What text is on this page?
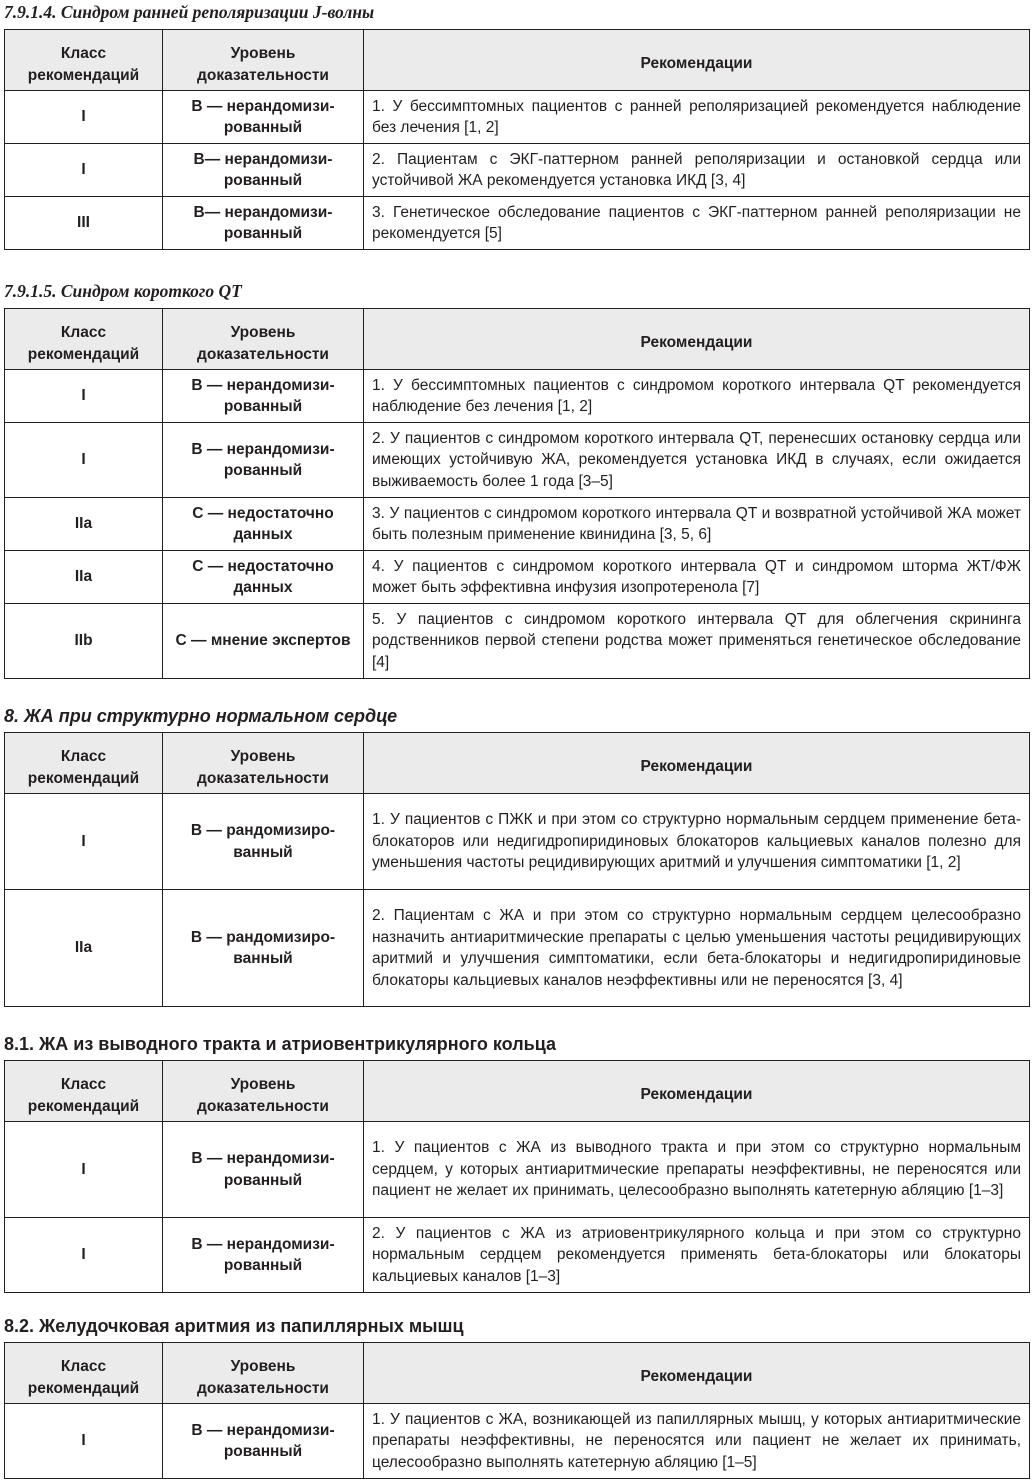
7.9.1.4. Синдром ранней реполяризации J-волны
Класс рекомендаций	Уровень доказательности	Рекомендации
I	B — нерандомизи-рованный	1. У бессимптомных пациентов с ранней реполяризацией рекомендуется наблюдение без лечения [1, 2]
I	B— нерандомизи-рованный	2. Пациентам с ЭКГ-паттерном ранней реполяризации и остановкой сердца или устойчивой ЖА рекомендуется установка ИКД [3, 4]
III	B— нерандомизи-рованный	3. Генетическое обследование пациентов с ЭКГ-паттерном ранней реполяризации не рекомендуется [5]
7.9.1.5. Синдром короткого QT
Класс рекомендаций	Уровень доказательности	Рекомендации
I	B — нерандомизи-рованный	1. У бессимптомных пациентов с синдромом короткого интервала QT рекомендуется наблюдение без лечения [1, 2]
I	B — нерандомизи-рованный	2. У пациентов с синдромом короткого интервала QT, перенесших остановку сердца или имеющих устойчивую ЖА, рекомендуется установка ИКД в случаях, если ожидается выживаемость более 1 года [3–5]
IIa	C — недостаточно данных	3. У пациентов с синдромом короткого интервала QT и возвратной устойчивой ЖА может быть полезным применение квинидина [3, 5, 6]
IIa	C — недостаточно данных	4. У пациентов с синдромом короткого интервала QT и синдромом шторма ЖТ/ФЖ может быть эффективна инфузия изопротеренола [7]
IIb	C — мнение экспертов	5. У пациентов с синдромом короткого интервала QT для облегчения скрининга родственников первой степени родства может применяться генетическое обследование [4]
8. ЖА при структурно нормальном сердце
Класс рекомендаций	Уровень доказательности	Рекомендации
I	B — рандомизиро-ванный	1. У пациентов с ПЖК и при этом со структурно нормальным сердцем применение бета-блокаторов или недигидропиридиновых блокаторов кальциевых каналов полезно для уменьшения частоты рецидивирующих аритмий и улучшения симптоматики [1, 2]
IIa	B — рандомизиро-ванный	2. Пациентам с ЖА и при этом со структурно нормальным сердцем целесообразно назначить антиаритмические препараты с целью уменьшения частоты рецидивирующих аритмий и улучшения симптоматики, если бета-блокаторы и недигидропиридиновые блокаторы кальциевых каналов неэффективны или не переносятся [3, 4]
8.1. ЖА из выводного тракта и атриовентрикулярного кольца
Класс рекомендаций	Уровень доказательности	Рекомендации
I	B — нерандомизи-рованный	1. У пациентов с ЖА из выводного тракта и при этом со структурно нормальным сердцем, у которых антиаритмические препараты неэффективны, не переносятся или пациент не желает их принимать, целесообразно выполнять катетерную абляцию [1–3]
I	B — нерандомизи-рованный	2. У пациентов с ЖА из атриовентрикулярного кольца и при этом со структурно нормальным сердцем рекомендуется применять бета-блокаторы или блокаторы кальциевых каналов [1–3]
8.2. Желудочковая аритмия из папиллярных мышц
Класс рекомендаций	Уровень доказательности	Рекомендации
I	B — нерандомизи-рованный	1. У пациентов с ЖА, возникающей из папиллярных мышц, у которых антиаритмические препараты неэффективны, не переносятся или пациент не желает их принимать, целесообразно выполнять катетерную абляцию [1–5]
